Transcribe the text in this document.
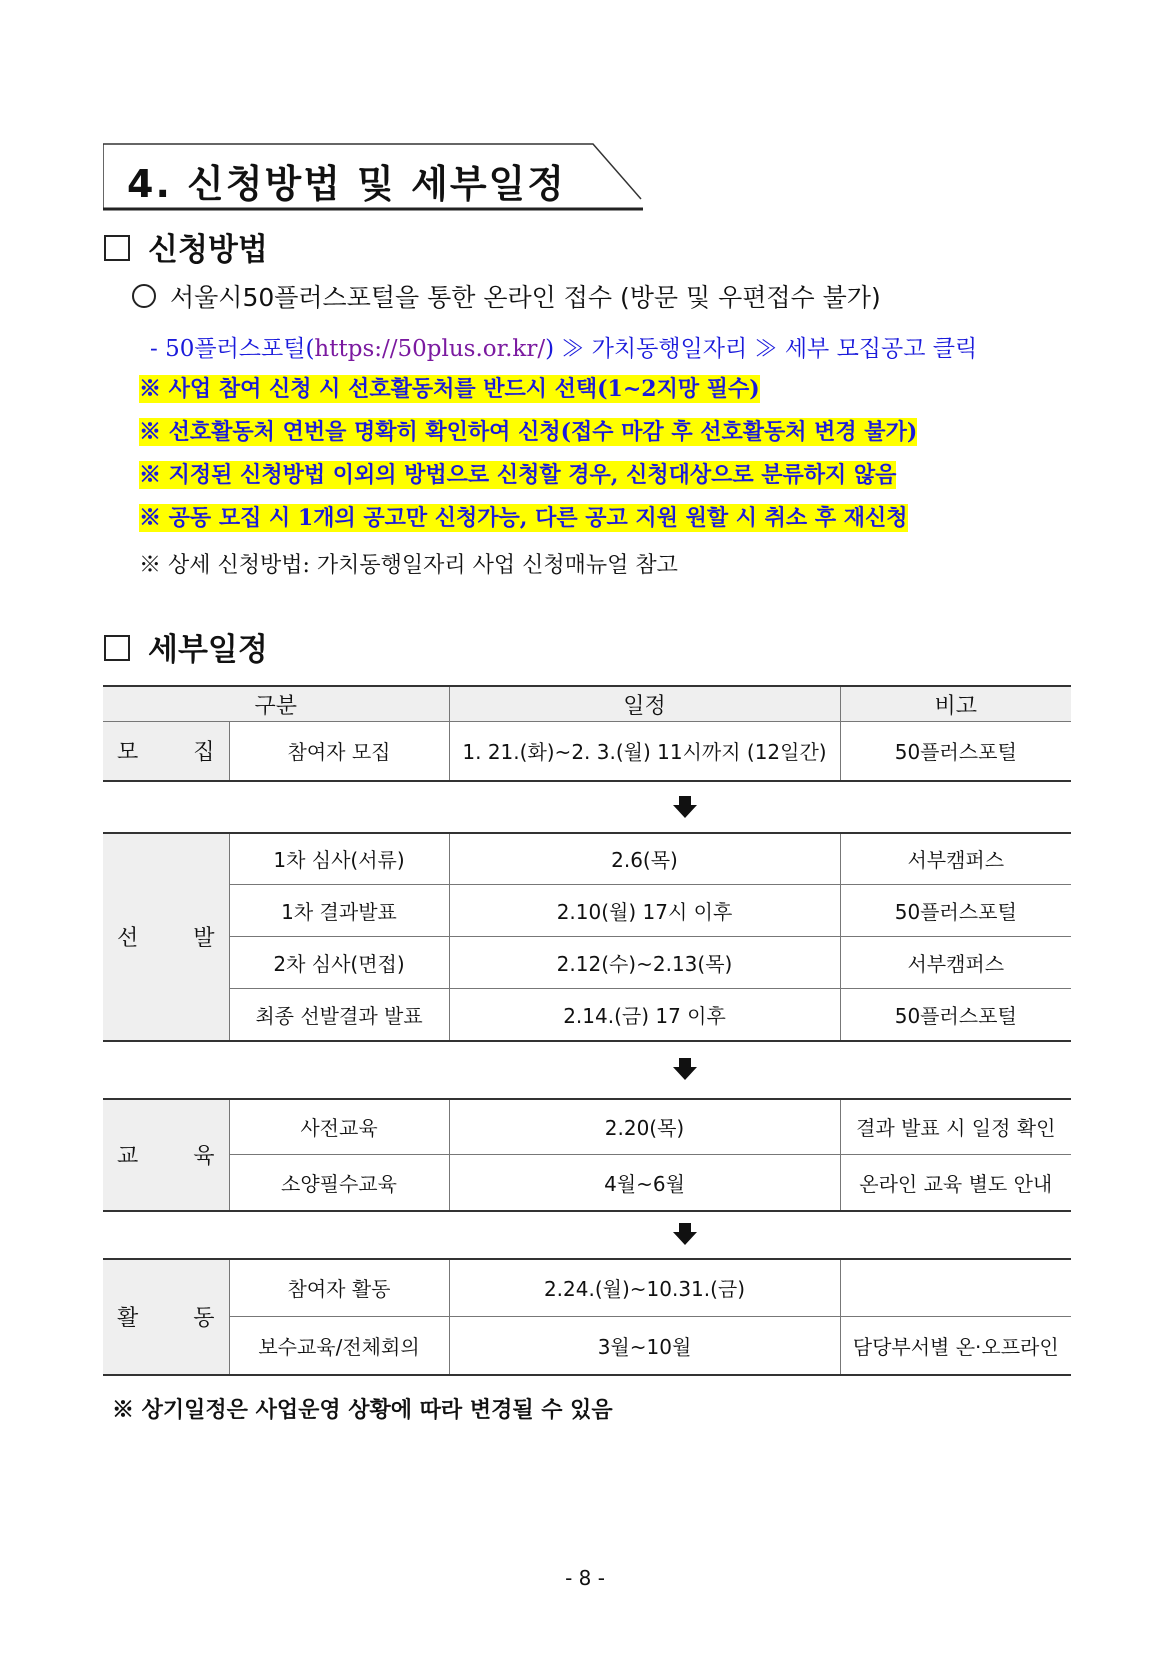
4. 신청방법 및 세부일정
신청방법
서울시50플러스포털을 통한 온라인 접수 (방문 및 우편접수 불가)
- 50플러스포털(https://50plus.or.kr/) ≫ 가치동행일자리 ≫ 세부 모집공고 클릭
※ 사업 참여 신청 시 선호활동처를 반드시 선택(1~2지망 필수)
※ 선호활동처 연번을 명확히 확인하여 신청(접수 마감 후 선호활동처 변경 불가)
※ 지정된 신청방법 이외의 방법으로 신청할 경우, 신청대상으로 분류하지 않음
※ 공동 모집 시 1개의 공고만 신청가능, 다른 공고 지원 원할 시 취소 후 재신청
※ 상세 신청방법: 가치동행일자리 사업 신청매뉴얼 참고
세부일정
구분		일정	비고

모 집	참여자 모집	1. 21.(화)~2. 3.(월) 11시까지 (12일간)	50플러스포털
선 발	1차 심사(서류)	2.6(목)	서부캠퍼스
	1차 결과발표	2.10(월) 17시 이후	50플러스포털
	2차 심사(면접)	2.12(수)~2.13(목)	서부캠퍼스
	최종 선발결과 발표	2.14.(금) 17 이후	50플러스포털
교 육	사전교육	2.20(목)	결과 발표 시 일정 확인
	소양필수교육	4월~6월	온라인 교육 별도 안내
활 동	참여자 활동	2.24.(월)~10.31.(금)	
	보수교육/전체회의	3월~10월	담당부서별 온·오프라인
※ 상기일정은 사업운영 상황에 따라 변경될 수 있음
- 8 -
